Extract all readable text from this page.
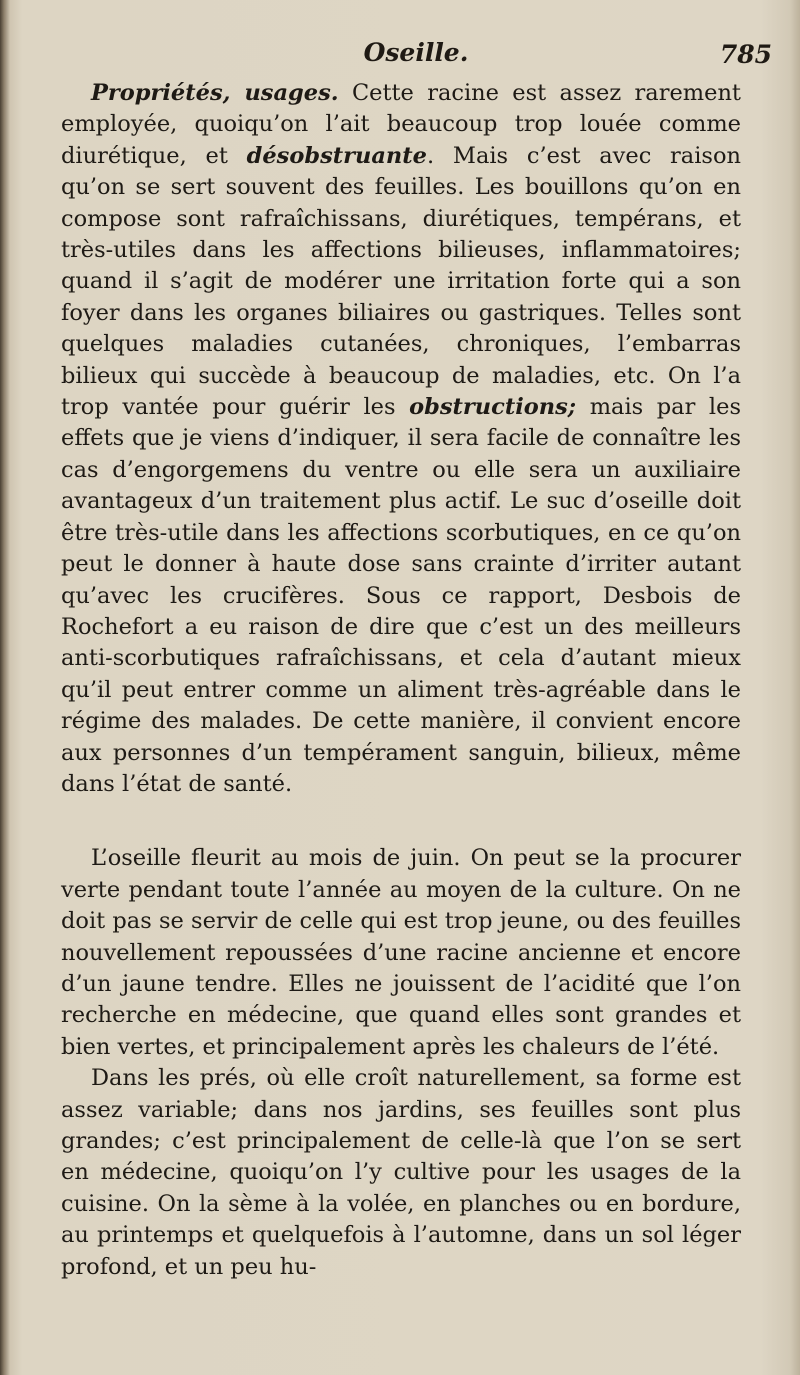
Oseille.	785

Propriétés, usages. Cette racine est assez rarement employée, quoiqu’on l’ait beaucoup trop louée comme diurétique, et désobstruante. Mais c’est avec raison qu’on se sert souvent des feuilles. Les bouillons qu’on en compose sont rafraîchissans, diurétiques, tempérans, et très-utiles dans les affections bilieuses, inflammatoires; quand il s’agit de modérer une irritation forte qui a son foyer dans les organes biliaires ou gastriques. Telles sont quelques maladies cutanées, chroniques, l’embarras bilieux qui succède à beaucoup de maladies, etc. On l’a trop vantée pour guérir les obstructions; mais par les effets que je viens d’indiquer, il sera facile de connaître les cas d’engorgemens du ventre ou elle sera un auxiliaire avantageux d’un traitement plus actif. Le suc d’oseille doit être très-utile dans les affections scorbutiques, en ce qu’on peut le donner à haute dose sans crainte d’irriter autant qu’avec les crucifères. Sous ce rapport, Desbois de Rochefort a eu raison de dire que c’est un des meilleurs anti-scorbutiques rafraîchissans, et cela d’autant mieux qu’il peut entrer comme un aliment très-agréable dans le régime des malades. De cette manière, il convient encore aux personnes d’un tempérament sanguin, bilieux, même dans l’état de santé.

L’oseille fleurit au mois de juin. On peut se la procurer verte pendant toute l’année au moyen de la culture. On ne doit pas se servir de celle qui est trop jeune, ou des feuilles nouvellement repoussées d’une racine ancienne et encore d’un jaune tendre. Elles ne jouissent de l’acidité que l’on recherche en médecine, que quand elles sont grandes et bien vertes, et principalement après les chaleurs de l’été.

Dans les prés, où elle croît naturellement, sa forme est assez variable; dans nos jardins, ses feuilles sont plus grandes; c’est principalement de celle-là que l’on se sert en médecine, quoiqu’on l’y cultive pour les usages de la cuisine. On la sème à la volée, en planches ou en bordure, au printemps et quelquefois à l’automne, dans un sol léger profond, et un peu hu-
